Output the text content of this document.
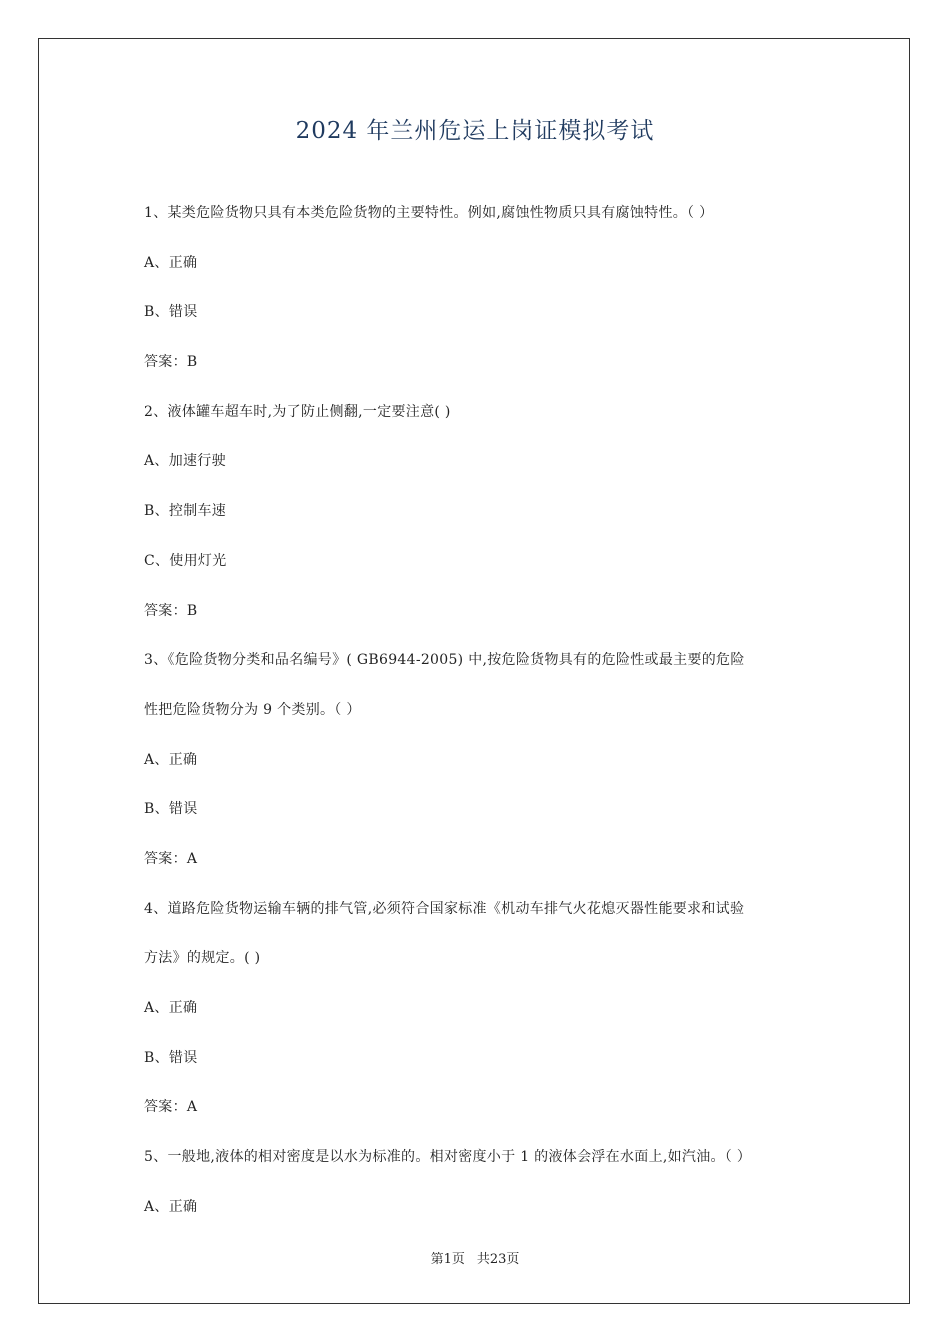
2024 年兰州危运上岗证模拟考试
1、某类危险货物只具有本类危险货物的主要特性。例如,腐蚀性物质只具有腐蚀特性。（ ）
A、正确
B、错误
答案：B
2、液体罐车超车时,为了防止侧翻,一定要注意( )
A、加速行驶
B、控制车速
C、使用灯光
答案：B
3、《危险货物分类和品名编号》( GB6944-2005) 中,按危险货物具有的危险性或最主要的危险
性把危险货物分为 9 个类别。（ ）
A、正确
B、错误
答案：A
4、道路危险货物运输车辆的排气管,必须符合国家标准《机动车排气火花熄灭器性能要求和试验
方法》的规定。( )
A、正确
B、错误
答案：A
5、一般地,液体的相对密度是以水为标准的。相对密度小于 1 的液体会浮在水面上,如汽油。（ ）
A、正确
第1页 共23页
